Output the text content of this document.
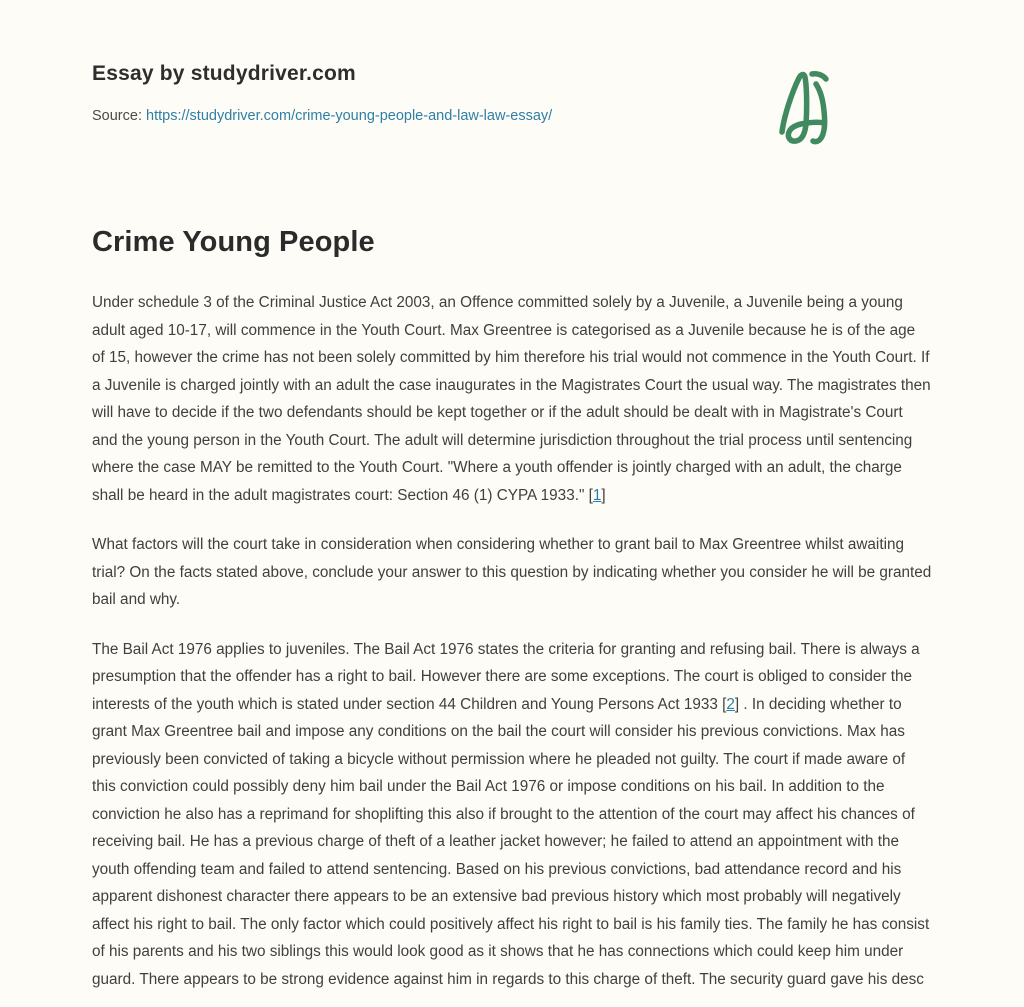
Essay by studydriver.com
Source: https://studydriver.com/crime-young-people-and-law-law-essay/
Crime Young People

Under schedule 3 of the Criminal Justice Act 2003, an Offence committed solely by a Juvenile, a Juvenile being a young adult aged 10-17, will commence in the Youth Court. Max Greentree is categorised as a Juvenile because he is of the age of 15, however the crime has not been solely committed by him therefore his trial would not commence in the Youth Court. If a Juvenile is charged jointly with an adult the case inaugurates in the Magistrates Court the usual way. The magistrates then will have to decide if the two defendants should be kept together or if the adult should be dealt with in Magistrate's Court and the young person in the Youth Court. The adult will determine jurisdiction throughout the trial process until sentencing where the case MAY be remitted to the Youth Court. "Where a youth offender is jointly charged with an adult, the charge shall be heard in the adult magistrates court: Section 46 (1) CYPA 1933." [1]

What factors will the court take in consideration when considering whether to grant bail to Max Greentree whilst awaiting trial? On the facts stated above, conclude your answer to this question by indicating whether you consider he will be granted bail and why.

The Bail Act 1976 applies to juveniles. The Bail Act 1976 states the criteria for granting and refusing bail. There is always a presumption that the offender has a right to bail. However there are some exceptions. The court is obliged to consider the interests of the youth which is stated under section 44 Children and Young Persons Act 1933 [2] . In deciding whether to grant Max Greentree bail and impose any conditions on the bail the court will consider his previous convictions. Max has previously been convicted of taking a bicycle without permission where he pleaded not guilty. The court if made aware of this conviction could possibly deny him bail under the Bail Act 1976 or impose conditions on his bail. In addition to the conviction he also has a reprimand for shoplifting this also if brought to the attention of the court may affect his chances of receiving bail. He has a previous charge of theft of a leather jacket however; he failed to attend an appointment with the youth offending team and failed to attend sentencing. Based on his previous convictions, bad attendance record and his apparent dishonest character there appears to be an extensive bad previous history which most probably will negatively affect his right to bail. The only factor which could positively affect his right to bail is his family ties. The family he has consist of his parents and his two siblings this would look good as it shows that he has connections which could keep him under guard. There appears to be strong evidence against him in regards to this charge of theft. The security guard gave his desc
